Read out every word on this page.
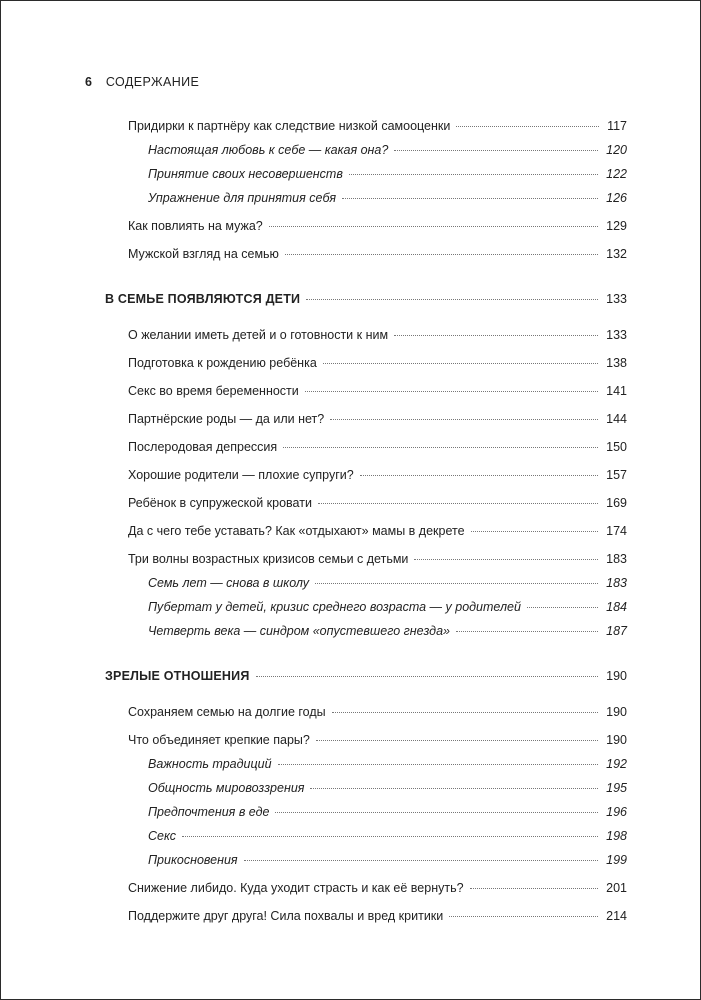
6 СОДЕРЖАНИЕ
Придирки к партнёру как следствие низкой самооценки	117
Настоящая любовь к себе — какая она?	120
Принятие своих несовершенств	122
Упражнение для принятия себя	126
Как повлиять на мужа?	129
Мужской взгляд на семью	132
В СЕМЬЕ ПОЯВЛЯЮТСЯ ДЕТИ	133
О желании иметь детей и о готовности к ним	133
Подготовка к рождению ребёнка	138
Секс во время беременности	141
Партнёрские роды — да или нет?	144
Послеродовая депрессия	150
Хорошие родители — плохие супруги?	157
Ребёнок в супружеской кровати	169
Да с чего тебе уставать? Как «отдыхают» мамы в декрете	174
Три волны возрастных кризисов семьи с детьми	183
Семь лет — снова в школу	183
Пубертат у детей, кризис среднего возраста — у родителей	184
Четверть века — синдром «опустевшего гнезда»	187
ЗРЕЛЫЕ ОТНОШЕНИЯ	190
Сохраняем семью на долгие годы	190
Что объединяет крепкие пары?	190
Важность традиций	192
Общность мировоззрения	195
Предпочтения в еде	196
Секс	198
Прикосновения	199
Снижение либидо. Куда уходит страсть и как её вернуть?	201
Поддержите друг друга! Сила похвалы и вред критики	214
